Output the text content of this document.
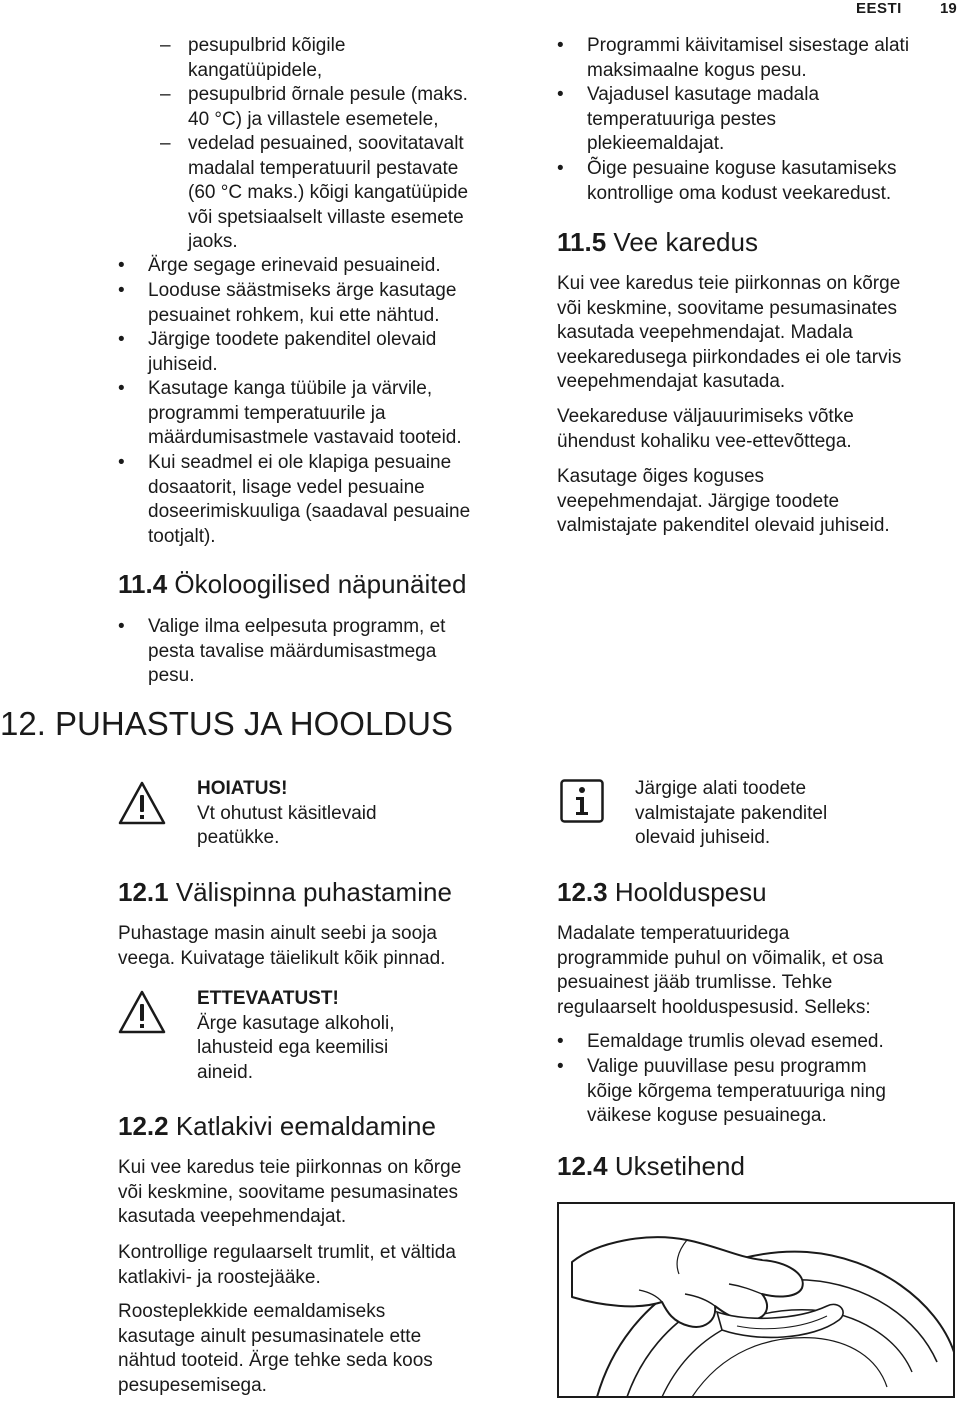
EESTI	19
– pesupulbrid kõigile
kangatüüpidele,
– pesupulbrid õrnale pesule (maks.
40 °C) ja villastele esemetele,
– vedelad pesuained, soovitatavalt
madalal temperatuuril pestavate
(60 °C maks.) kõigi kangatüüpide
või spetsiaalselt villaste esemete
jaoks.
• Ärge segage erinevaid pesuaineid.
• Looduse säästmiseks ärge kasutage
pesuainet rohkem, kui ette nähtud.
• Järgige toodete pakenditel olevaid
juhiseid.
• Kasutage kanga tüübile ja värvile,
programmi temperatuurile ja
määrdumisastmele vastavaid tooteid.
• Kui seadmel ei ole klapiga pesuaine
dosaatorit, lisage vedel pesuaine
doseerimiskuuliga (saadaval pesuaine
tootjalt).
11.4 Ökoloogilised näpunäited
• Valige ilma eelpesuta programm, et
pesta tavalise määrdumisastmega
pesu.
12. PUHASTUS JA HOOLDUS
HOIATUS!
Vt ohutust käsitlevaid
peatükke.
12.1 Välispinna puhastamine
Puhastage masin ainult seebi ja sooja
veega. Kuivatage täielikult kõik pinnad.
ETTEVAATUST!
Ärge kasutage alkoholi,
lahusteid ega keemilisi
aineid.
12.2 Katlakivi eemaldamine
Kui vee karedus teie piirkonnas on kõrge
või keskmine, soovitame pesumasinates
kasutada veepehmendajat.
Kontrollige regulaarselt trumlit, et vältida
katlakivi- ja roostejääke.
Roosteplekkide eemaldamiseks
kasutage ainult pesumasinatele ette
nähtud tooteid. Ärge tehke seda koos
pesupesemisega.
• Programmi käivitamisel sisestage alati
maksimaalne kogus pesu.
• Vajadusel kasutage madala
temperatuuriga pestes
plekieemaldajat.
• Õige pesuaine koguse kasutamiseks
kontrollige oma kodust veekaredust.
11.5 Vee karedus
Kui vee karedus teie piirkonnas on kõrge
või keskmine, soovitame pesumasinates
kasutada veepehmendajat. Madala
veekaredusega piirkondades ei ole tarvis
veepehmendajat kasutada.
Veekareduse väljauurimiseks võtke
ühendust kohaliku vee-ettevõttega.
Kasutage õiges koguses
veepehmendajat. Järgige toodete
valmistajate pakenditel olevaid juhiseid.
Järgige alati toodete
valmistajate pakenditel
olevaid juhiseid.
12.3 Hoolduspesu
Madalate temperatuuridega
programmide puhul on võimalik, et osa
pesuainest jääb trumlisse. Tehke
regulaarselt hoolduspesusid. Selleks:
• Eemaldage trumlis olevad esemed.
• Valige puuvillase pesu programm
kõige kõrgema temperatuuriga ning
väikese koguse pesuainega.
12.4 Uksetihend
